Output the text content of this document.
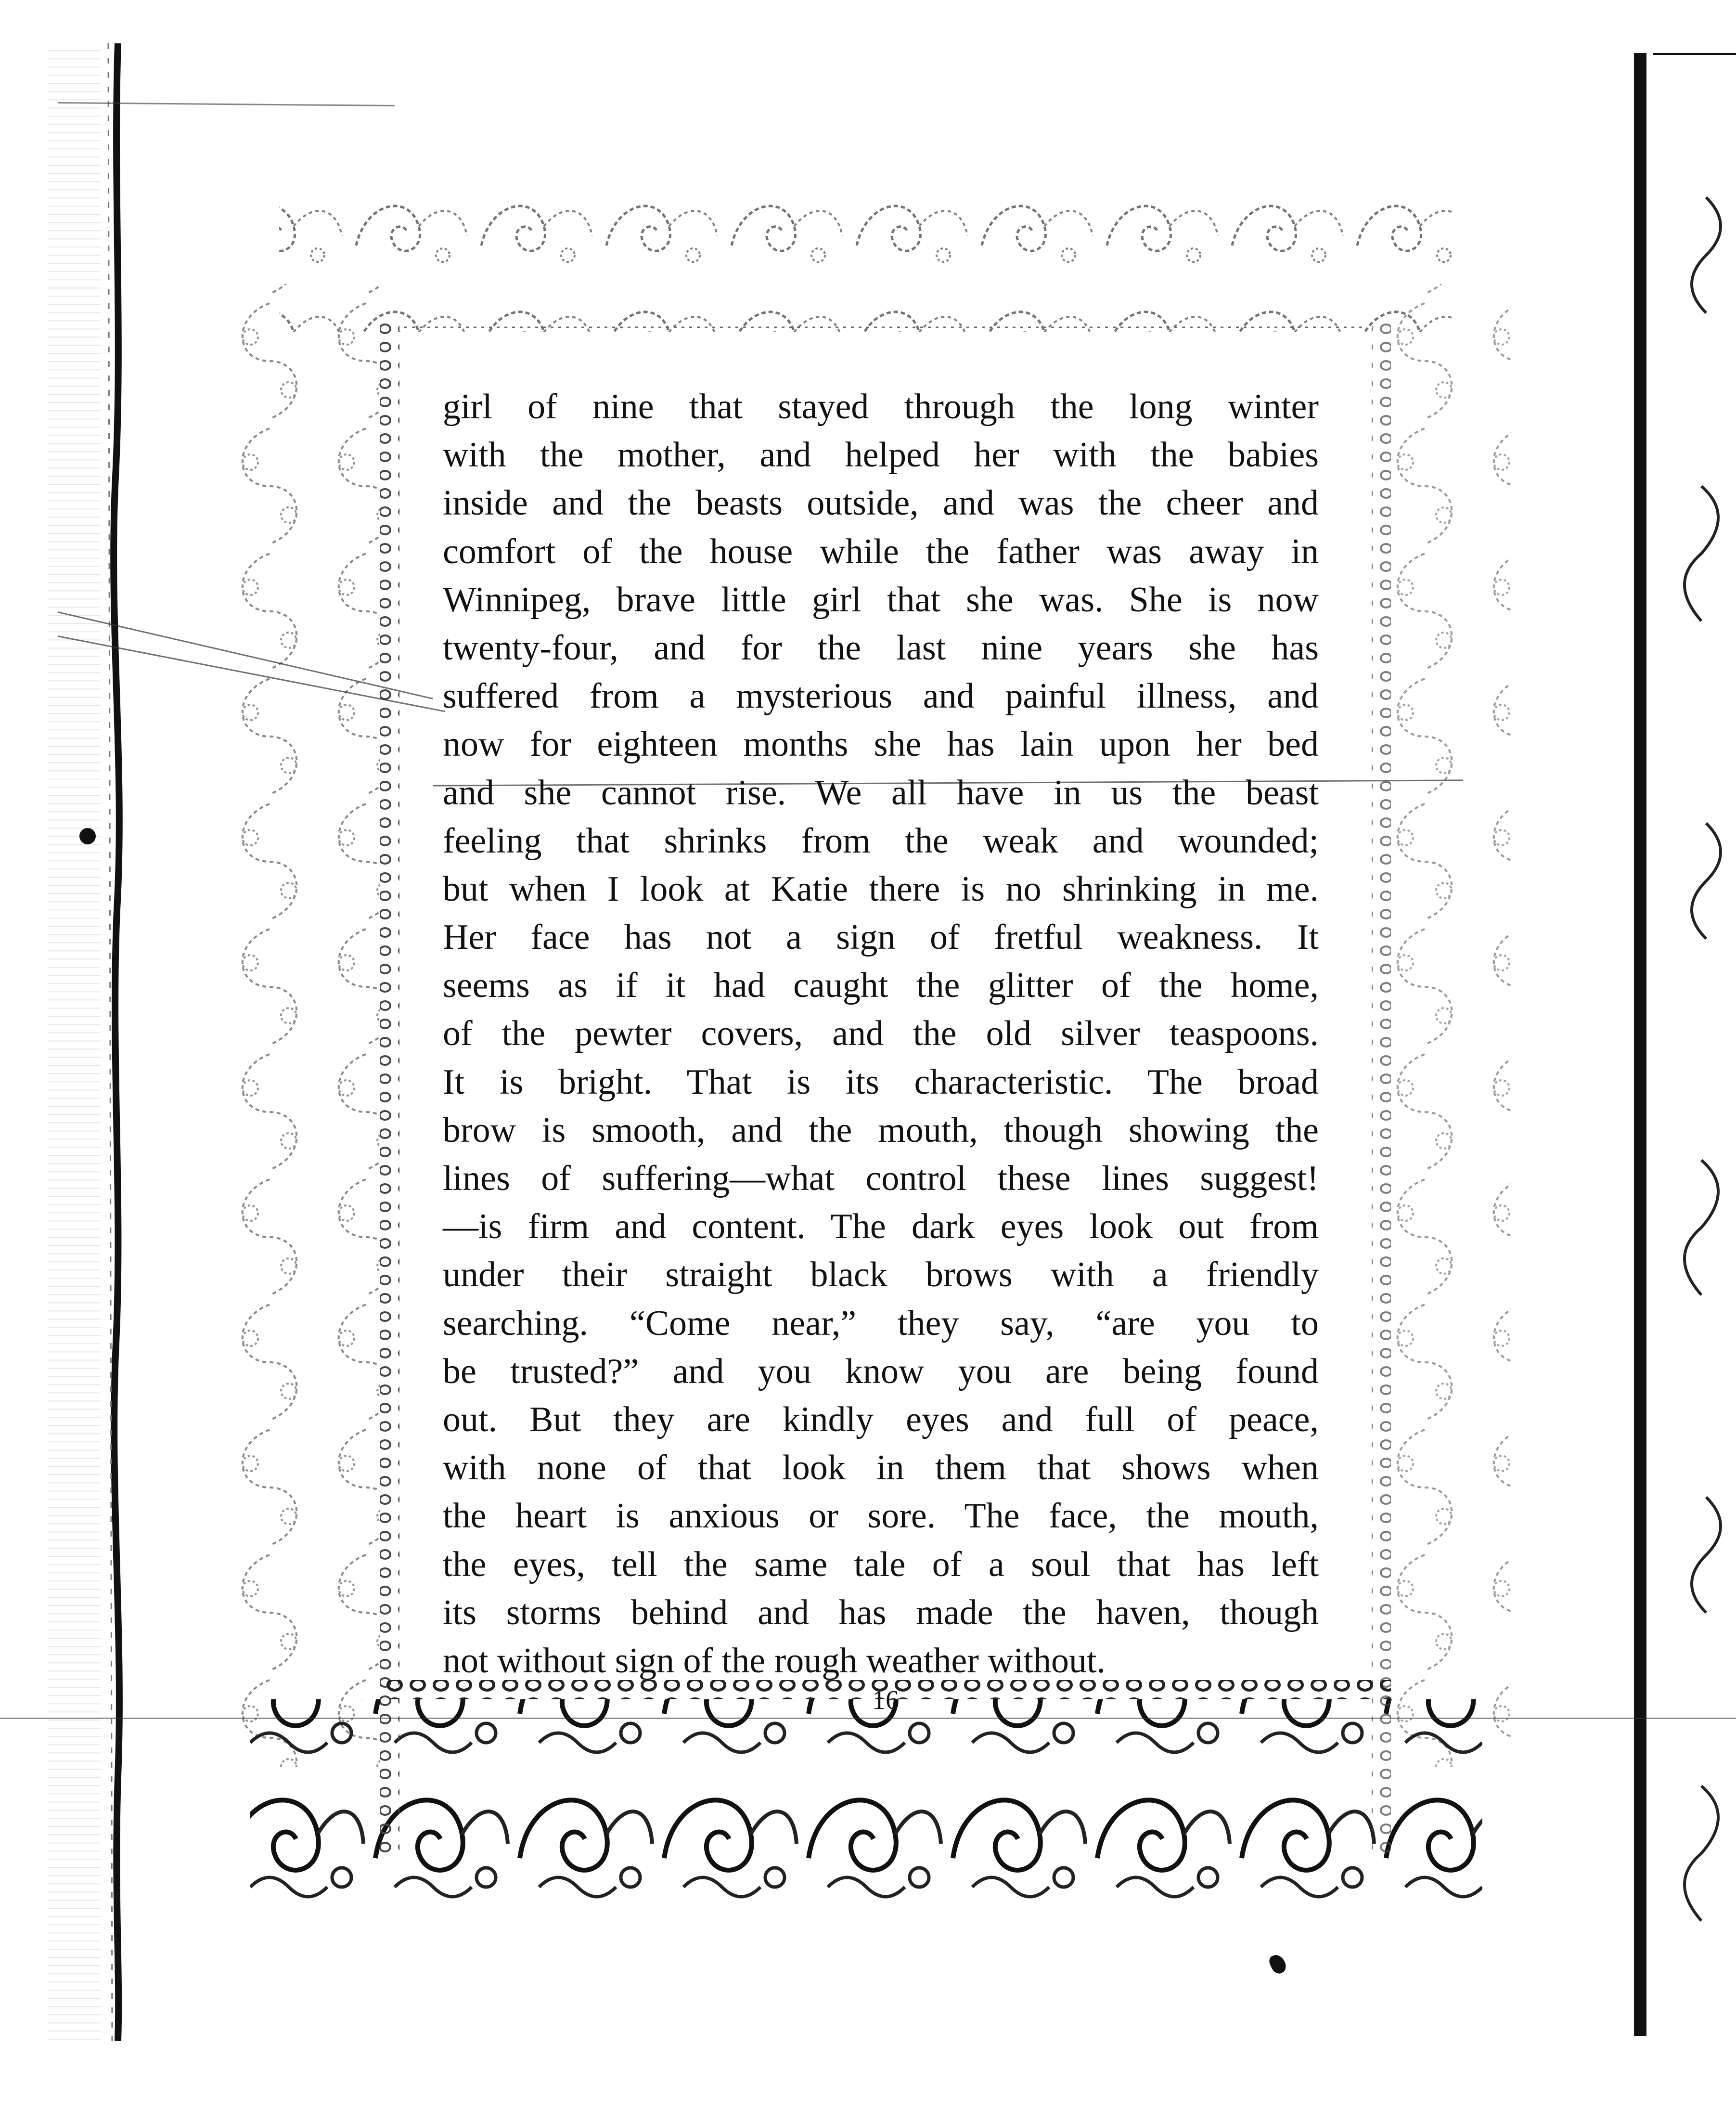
girl of nine that stayed through the long winter
with the mother, and helped her with the babies
inside and the beasts outside, and was the cheer and
comfort of the house while the father was away in
Winnipeg, brave little girl that she was. She is now
twenty-four, and for the last nine years she has
suffered from a mysterious and painful illness, and
now for eighteen months she has lain upon her bed
and she cannot rise. We all have in us the beast
feeling that shrinks from the weak and wounded;
but when I look at Katie there is no shrinking in me.
Her face has not a sign of fretful weakness. It
seems as if it had caught the glitter of the home,
of the pewter covers, and the old silver teaspoons.
It is bright. That is its characteristic. The broad
brow is smooth, and the mouth, though showing the
lines of suffering—what control these lines suggest!
—is firm and content. The dark eyes look out from
under their straight black brows with a friendly
searching. “Come near,” they say, “are you to
be trusted?” and you know you are being found
out. But they are kindly eyes and full of peace,
with none of that look in them that shows when
the heart is anxious or sore. The face, the mouth,
the eyes, tell the same tale of a soul that has left
its storms behind and has made the haven, though
not without sign of the rough weather without.
16
